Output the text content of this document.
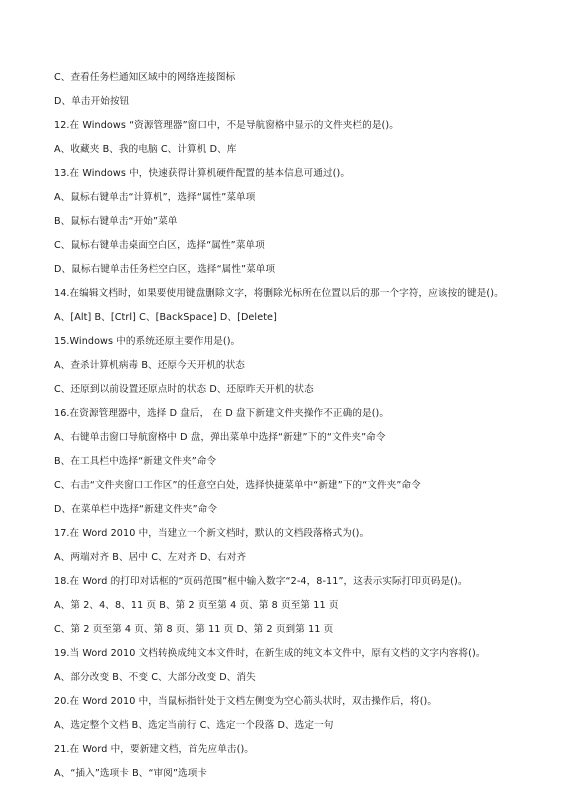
C、查看任务栏通知区域中的网络连接图标
D、单击开始按钮
12.在 Windows “资源管理器”窗口中，不是导航窗格中显示的文件夹栏的是()。
A、收藏夹 B、我的电脑 C、计算机 D、库
13.在 Windows 中，快速获得计算机硬件配置的基本信息可通过()。
A、鼠标右键单击“计算机”，选择“属性”菜单项
B、鼠标右键单击“开始”菜单
C、鼠标右键单击桌面空白区，选择“属性”菜单项
D、鼠标右键单击任务栏空白区，选择“属性”菜单项
14.在编辑文档时，如果要使用键盘删除文字，将删除光标所在位置以后的那一个字符，应该按的键是()。
A、[Alt] B、[Ctrl] C、[BackSpace] D、[Delete]
15.Windows 中的系统还原主要作用是()。
A、查杀计算机病毒 B、还原今天开机的状态
C、还原到以前设置还原点时的状态 D、还原昨天开机的状态
16.在资源管理器中，选择 D 盘后， 在 D 盘下新建文件夹操作不正确的是()。
A、右键单击窗口导航窗格中 D 盘，弹出菜单中选择“新建”下的“文件夹”命令
B、在工具栏中选择“新建文件夹”命令
C、右击“文件夹窗口工作区”的任意空白处，选择快捷菜单中“新建”下的“文件夹”命令
D、在菜单栏中选择“新建文件夹”命令
17.在 Word 2010 中，当建立一个新文档时，默认的文档段落格式为()。
A、两端对齐 B、居中 C、左对齐 D、右对齐
18.在 Word 的打印对话框的“页码范围”框中输入数字“2-4，8-11”，这表示实际打印页码是()。
A、第 2、4、8、11 页 B、第 2 页至第 4 页、第 8 页至第 11 页
C、第 2 页至第 4 页、第 8 页、第 11 页 D、第 2 页到第 11 页
19.当 Word 2010 文档转换成纯文本文件时，在新生成的纯文本文件中，原有文档的文字内容将()。
A、部分改变 B、不变 C、大部分改变 D、消失
20.在 Word 2010 中，当鼠标指针处于文档左侧变为空心箭头状时，双击操作后，将()。
A、选定整个文档 B、选定当前行 C、选定一个段落 D、选定一句
21.在 Word 中，要新建文档，首先应单击()。
A、“插入”选项卡 B、“审阅”选项卡
